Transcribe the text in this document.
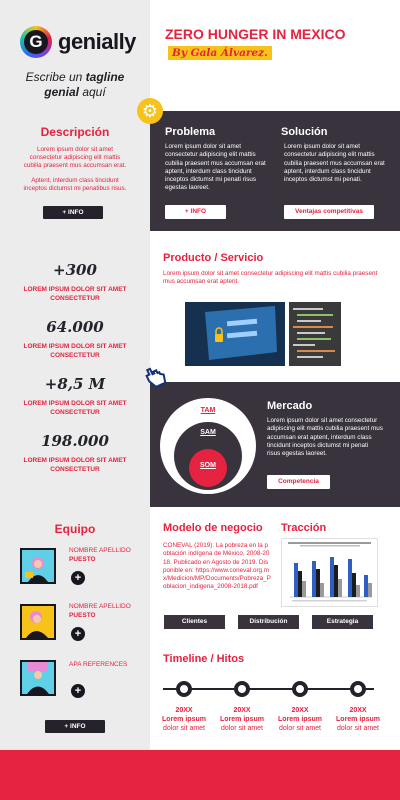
G genially
Escribe un tagline genial aquí
Descripción
Lorem ipsum dolor sit amet consectetur adipiscing elit mattis cubilia praesent mus accumsan erat.
Aptent, interdum class tincidunt inceptos dictumst mi penatibus risus.
+ INFO
+300
LOREM IPSUM DOLOR SIT AMET CONSECTETUR
64.000
LOREM IPSUM DOLOR SIT AMET CONSECTETUR
+8,5 M
LOREM IPSUM DOLOR SIT AMET CONSECTETUR
198.000
LOREM IPSUM DOLOR SIT AMET CONSECTETUR
Equipo
NOMBRE APELLIDO
PUESTO
+
NOMBRE APELLIDO
PUESTO
+
APA REFERENCES
+
+ INFO
ZERO HUNGER IN MEXICO
By Gala Álvarez.
⚙
Problema
Lorem ipsum dolor sit amet consectetur adipiscing elit mattis cubilia praesent mus accumsan erat aptent, interdum class tincidunt inceptos dictumst mi penati risus egestas laoreet.
+ INFO
Solución
Lorem ipsum dolor sit amet consectetur adipiscing elit mattis cubilia praesent mus accumsan erat aptent, interdum class tincidunt inceptos dictumst mi penati.
Ventajas competitivas
Producto / Servicio
Lorem ipsum dolor sit amet consectetur adipiscing elit mattis cubilia praesent mus accumsan erat aptent.
TAM
SAM
SOM
Mercado
Lorem ipsum dolor sit amet consectetur adipiscing elit mattis cubilia praesent mus accumsan erat aptent, interdum class tincidunt inceptos dictumst mi penati risus egestas laoreet.
Competencia
Modelo de negocio
CONEVAL (2019). La pobreza en la población indígena de México, 2008-2018. Publicado en Agosto de 2019. Disponible en: https://www.coneval.org.mx/Medicion/MP/Documents/Pobreza_Poblacion_indigena_2008-2018.pdf
Tracción
Clientes	Distribución	Estrategia
Timeline / Hitos
20XX
Lorem ipsum
dolor sit amet
20XX
Lorem ipsum
dolor sit amet
20XX
Lorem ipsum
dolor sit amet
20XX
Lorem ipsum
dolor sit amet
